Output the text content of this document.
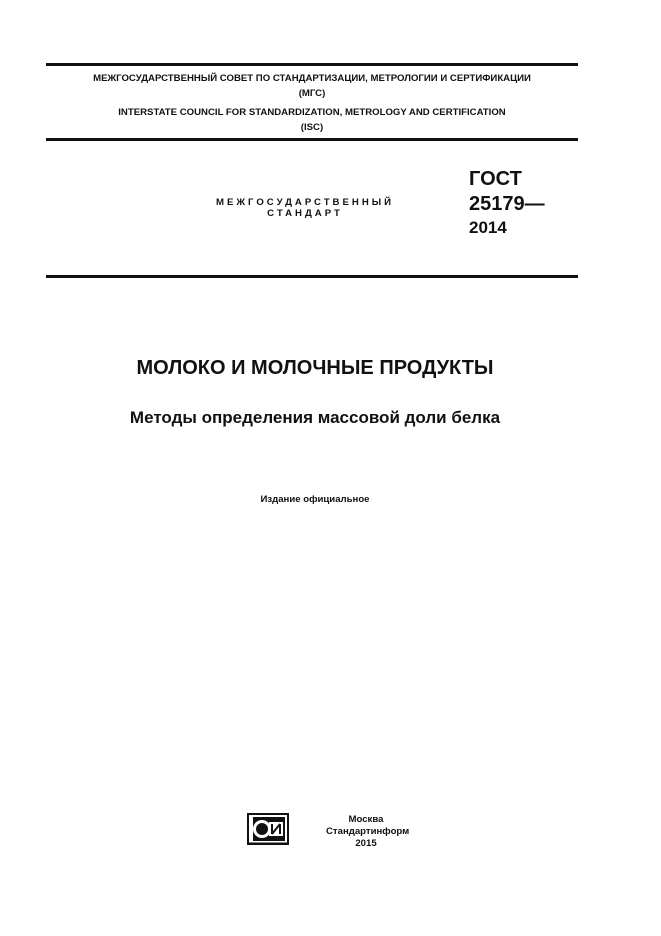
МЕЖГОСУДАРСТВЕННЫЙ СОВЕТ ПО СТАНДАРТИЗАЦИИ, МЕТРОЛОГИИ И СЕРТИФИКАЦИИ
(МГС)
INTERSTATE COUNCIL FOR STANDARDIZATION, METROLOGY AND CERTIFICATION
(ISC)
МЕЖГОСУДАРСТВЕННЫЙ
СТАНДАРТ
ГОСТ
25179—
2014
МОЛОКО И МОЛОЧНЫЕ ПРОДУКТЫ
Методы определения массовой доли белка
Издание официальное
Москва
Стандартинформ
2015
